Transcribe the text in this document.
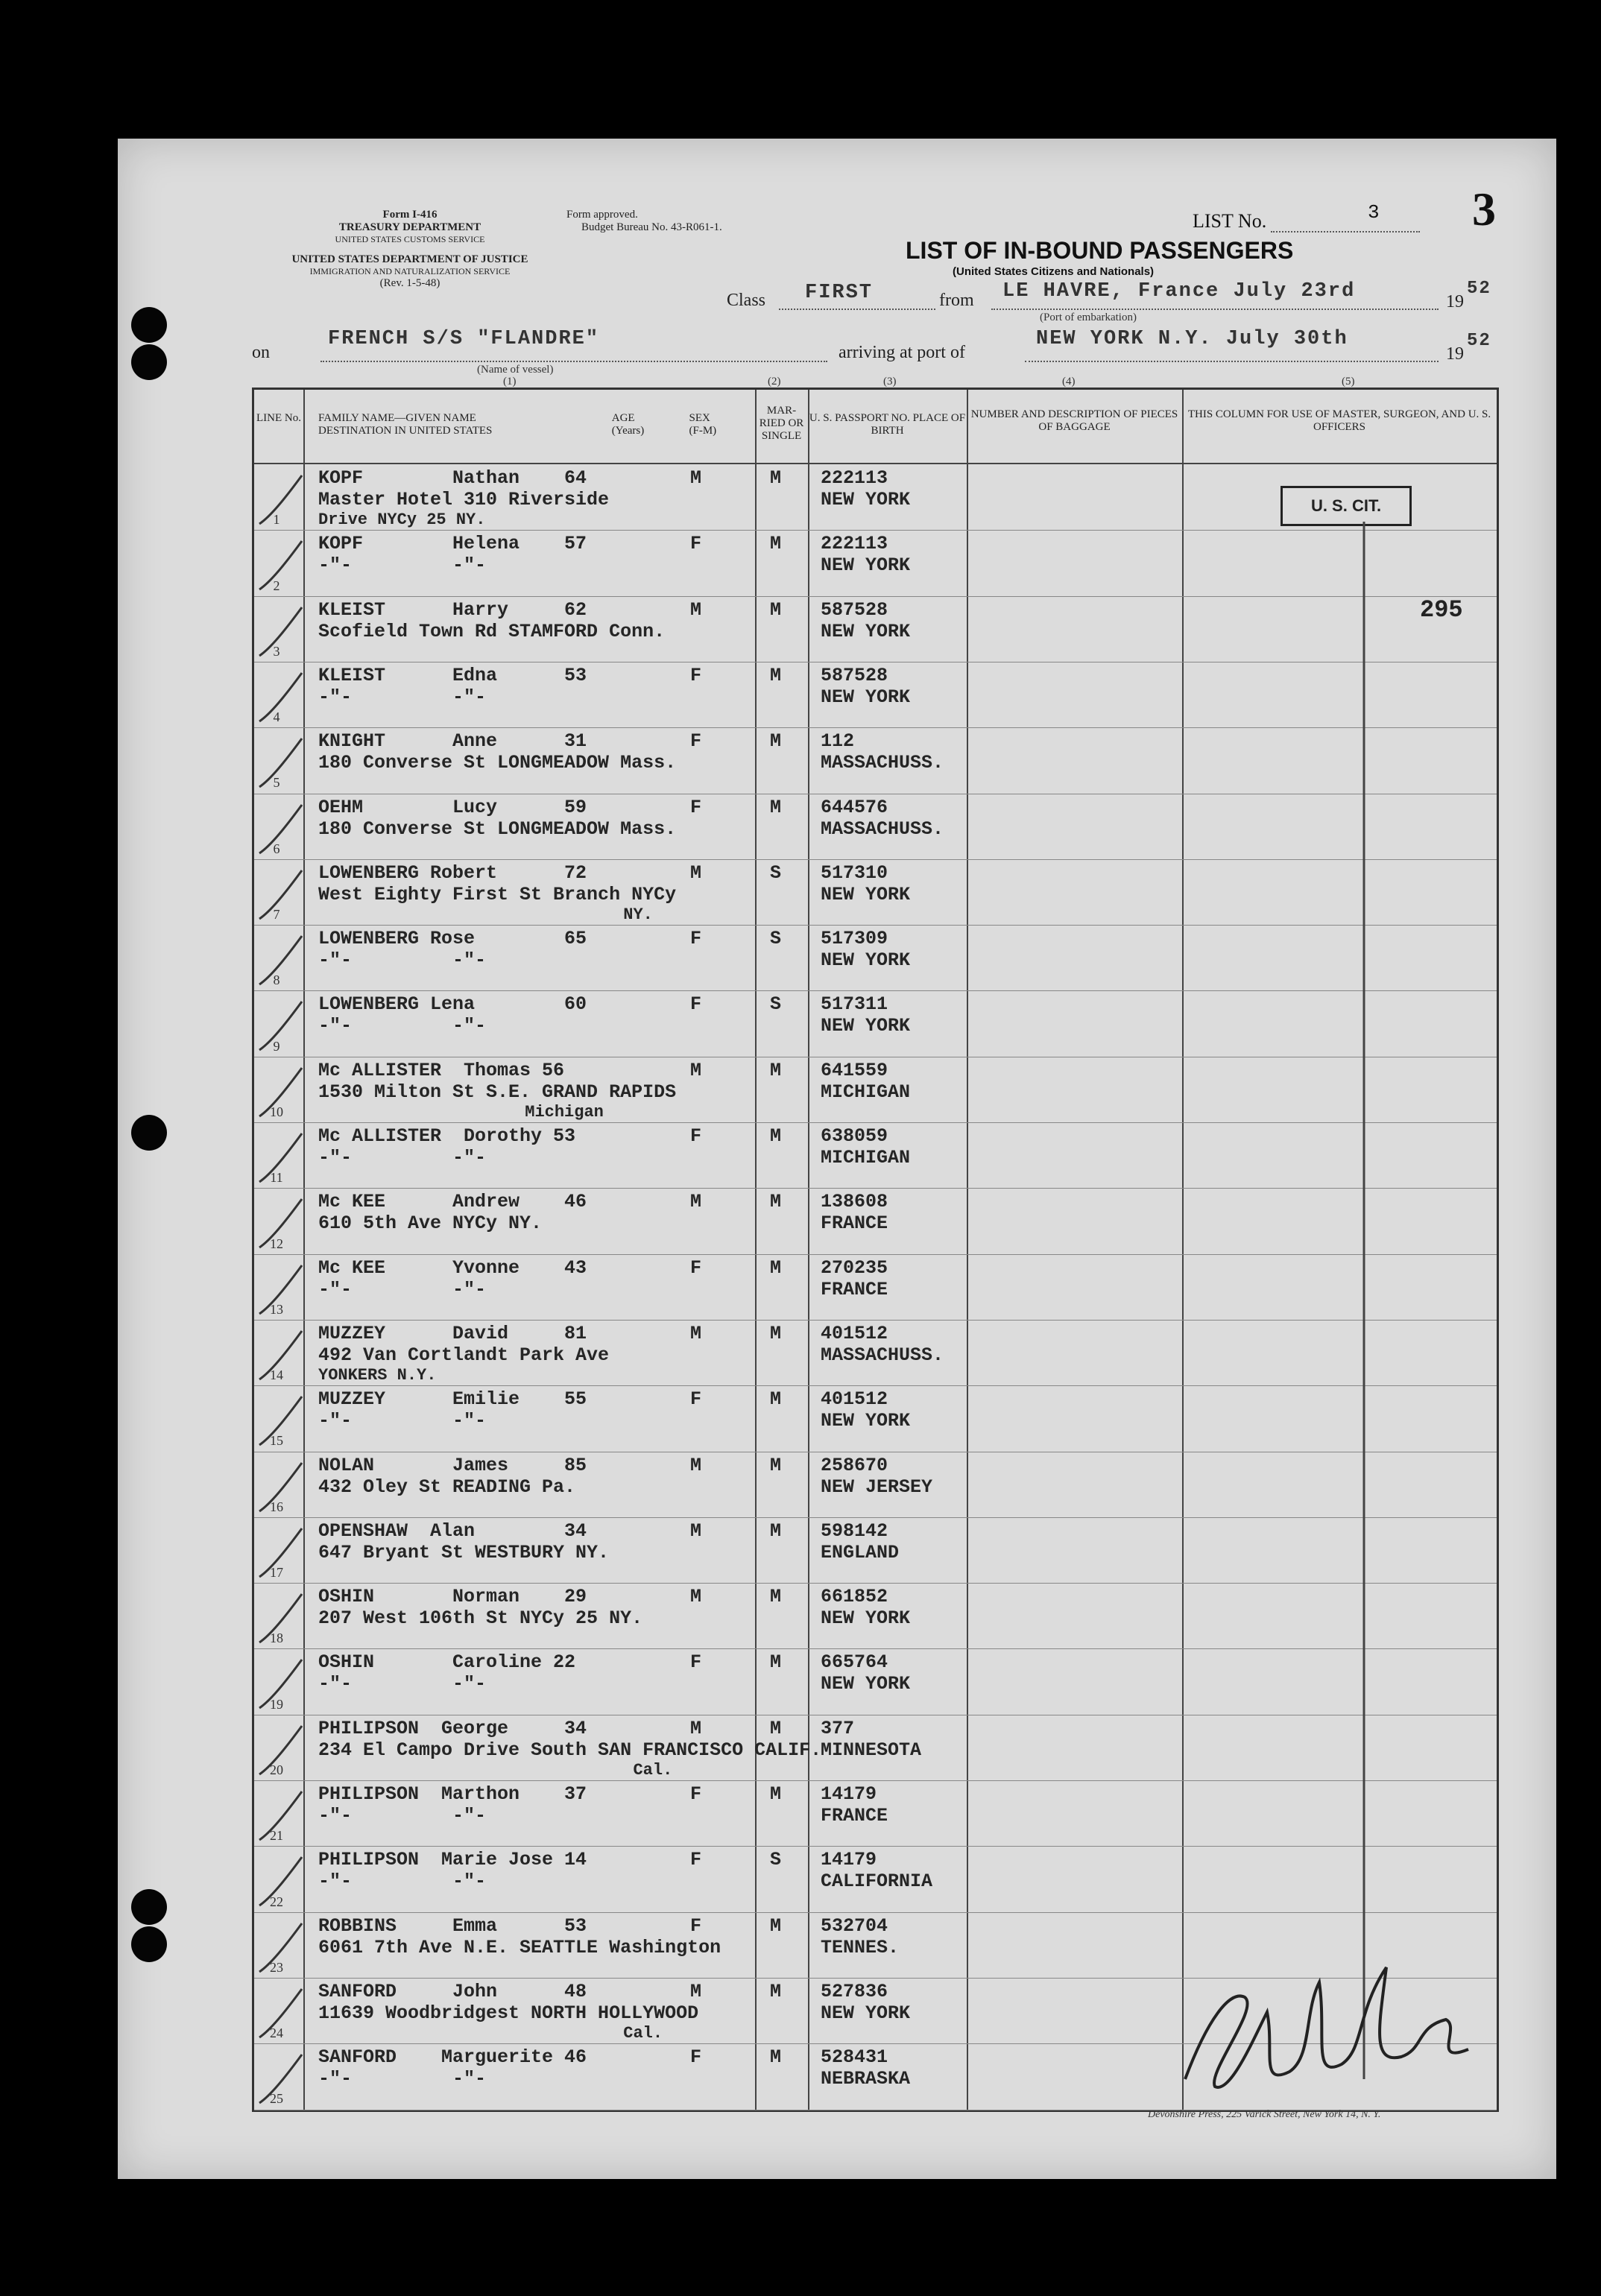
Form I-416
TREASURY DEPARTMENT
UNITED STATES CUSTOMS SERVICE
UNITED STATES DEPARTMENT OF JUSTICE
IMMIGRATION AND NATURALIZATION SERVICE
(Rev. 1-5-48)
Form approved.
Budget Bureau No. 43-R061-1.	LIST No.	3 3
LIST OF IN-BOUND PASSENGERS
(United States Citizens and Nationals)
Class FIRST	from LE HAVRE, France July 23rd	19
52
(Port of embarkation)
on
FRENCH S/S "FLANDRE"
(Name of vessel)
arriving at port of
NEW YORK N.Y. July 30th
19
52
(1)	(2)	(3)	(4)	(5)
LINE No.	FAMILY NAME—GIVEN NAME DESTINATION IN UNITED STATES AGE (Years) SEX (F-M)
MAR-RIED OR SINGLE
U. S. PASSPORT NO. PLACE OF BIRTH
NUMBER AND DESCRIPTION OF PIECES OF BAGGAGE
THIS COLUMN FOR USE OF MASTER, SURGEON, AND U. S. OFFICERS
1
KOPF        Nathan    64	M	M 222113
Master Hotel 310 Riverside
Drive NYCy 25 NY.
NEW YORK
2
KOPF        Helena    57	F	M 222113
-"-         -"-	NEW YORK
3
KLEIST      Harry     62	M	M 587528
Scofield Town Rd STAMFORD Conn.	NEW YORK
4
KLEIST      Edna      53	F	M 587528
-"-         -"-	NEW YORK
5
KNIGHT      Anne      31	F	M 112
180 Converse St LONGMEADOW Mass.	MASSACHUSS.
6
OEHM        Lucy      59	F	M 644576
180 Converse St LONGMEADOW Mass.	MASSACHUSS.
7
LOWENBERG Robert      72	M	S 517310
West Eighty First St Branch NYCy
NY.
NEW YORK
8
LOWENBERG Rose        65	F	S 517309
-"-         -"-	NEW YORK
9
LOWENBERG Lena        60	F	S 517311
-"-         -"-	NEW YORK
10
Mc ALLISTER  Thomas 56	M	M 641559
1530 Milton St S.E. GRAND RAPIDS
Michigan
MICHIGAN
11
Mc ALLISTER  Dorothy 53	F	M 638059
-"-         -"-	MICHIGAN
12
Mc KEE      Andrew    46	M	M 138608
610 5th Ave NYCy NY.	FRANCE
13
Mc KEE      Yvonne    43	F	M 270235
-"-         -"-	FRANCE
14
MUZZEY      David     81	M	M 401512
492 Van Cortlandt Park Ave
YONKERS N.Y.
MASSACHUSS.
15
MUZZEY      Emilie    55	F	M 401512
-"-         -"-	NEW YORK
16
NOLAN       James     85	M	M 258670
432 Oley St READING Pa.	NEW JERSEY
17
OPENSHAW  Alan        34	M	M 598142
647 Bryant St WESTBURY NY.	ENGLAND
18
OSHIN       Norman    29	M	M 661852
207 West 106th St NYCy 25 NY.	NEW YORK
19
OSHIN       Caroline 22	F	M 665764
-"-         -"-	NEW YORK
20
PHILIPSON  George     34	M	M 377
234 El Campo Drive South SAN FRANCISCO CALIF.
Cal.
MINNESOTA
21
PHILIPSON  Marthon    37	F	M 14179
-"-         -"-	FRANCE
22
PHILIPSON  Marie Jose 14	F	S 14179
-"-         -"-	CALIFORNIA
23
ROBBINS     Emma      53	F	M 532704
6061 7th Ave N.E. SEATTLE Washington	TENNES.
24
SANFORD     John      48	M	M 527836
11639 Woodbridgest NORTH HOLLYWOOD
Cal.
NEW YORK
25
SANFORD    Marguerite 46	F	M 528431
-"-         -"-	NEBRASKA
U. S. CIT.
295
Devonshire Press, 225 Varick Street, New York 14, N. Y.
